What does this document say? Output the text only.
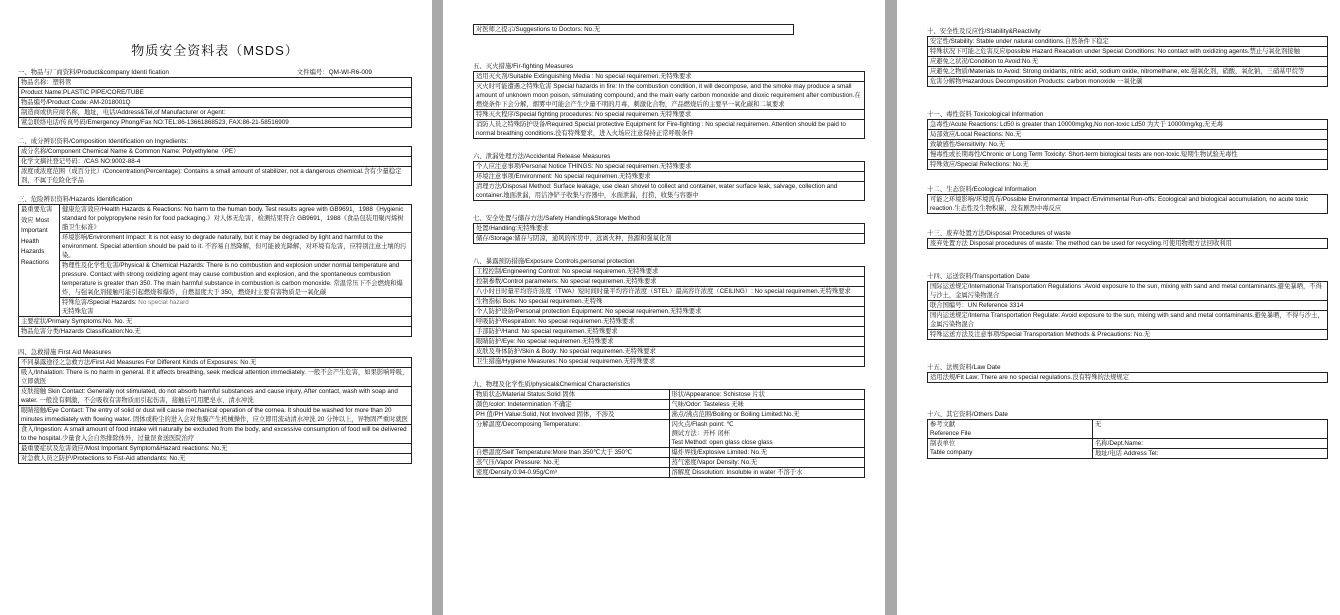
物质安全资料表（MSDS）
一、物品与厂商资料/Product&company Identi fication	文件编号：QM-WI-R6-009
物品名称：塑料管
Product Name:PLASTIC PIPE/CORE/TUBE
物品编号/Product Code: AM-2018001Q
制造商或供应商名称，地址，电话/Address&Tel,of Manufacturer or Agent:
紧急联络电话/传真号码/Emergency Phong/Fax NO:TEL:86-13661868523, FAX:86-21-58516909
二、成分辨识资料/Composition Identification on Ingredients:
成分名称/Component Chemical Name & Common Name: Polyethylene（PE）
化学文摘社登记号码：/CAS NO:9002-88-4
浓度或浓度范围（成百分比）/Concentration(Percentage): Contains a small amount of stabilizer, not a dangerous chemical.含有少量稳定剂，不属于危险化学品
三、危险辨识资料/Hazards Identification
最重要危害效应 Most Important Health Hazards Reactions	健康危害效应/Health Hazards & Reactions: No harm to the human body. Test results agree with GB9691，1988《Hygienic standard for polypropylene resin for food packaging.》对人体无危害，检测结果符合 GB9691，1988《食品包装用聚丙烯树脂卫生标准》
环境影响/Environment Impact: It is not easy to degrade naturally, but it may be degraded by light and harmful to the environment. Special attention should be paid to it. 不容易自然降解，但可能被光降解，对环境有危害，应特别注意土壤的污染。
物理性及化学性危害/Physical & Chemical Hazards: There is no combustion and explosion under normal temperature and pressure. Contact with strong oxidizing agent may cause combustion and explosion, and the spontaneous combustion temperature is greater than 350. The main harmful substance in combustion is carbon monoxide. 常温常压下不会燃烧和爆炸，与强氧化剂接触可能引起燃烧和爆炸，自燃温度大于 350，燃烧时主要有害物质是一氧化碳
特殊危害/Special Hazards: No special hazard
无特殊危害
主要症状/Primary Symptoms:No. No. 无
物品危害分类/Hazards Classification:No.无
四、急救措施 First Aid Measures
不同暴露途径之急救方法/First Aid Measures For Different Kinds of Exposures: No.无
吸入/Inhalation: There is no harm in general. If it affects breathing, seek medical attention immediately. 一般不会产生危害，如果影响呼吸，立即就医
皮肤接触 Skin Contact: Generally not stimulated, do not absorb harmful substances and cause injury, After contact, wash with soap and water. 一般没有刺激，不会吸收有害物质而引起伤害，接触后可用肥皂水、清水冲洗
眼睛接触/Eye Contact: The entry of solid or dust will cause mechanical operation of the cornea. It should be washed for more than 20 minutes immediately with flowing water. 固体或粉尘的进入会对角膜产生机械操作，应立即用流动清水冲洗 20 分钟以上，异物固严重时就医
食入/Ingestion: A small amount of food intake will naturally be excluded from the body, and excessive consumption of food will be delivered to the hospital.少量食入会自然排除体外，过量误食送医院治疗
最重要症状及危害效应/Most Important Symptom&Hazard reactions: No.无
对急救人员之防护/Protections to Fist-Aid attendants: No.无
对医师之提示/Suggestions to Doctors: No.无
五、灭火措施/Fir-fighting Measures
适用灭火剂/Suitable Extinguishing Media : No special requiremen.无特殊要求
灭火时可能遭遇之特殊危害 Special hazards in fire: In the combustion condition, it will decompose, and the smoke may produce a small amount of unknown moon poison, stimulating compound, and the main early carbon monoxide and dioxic requirement after combustion.在燃烧条件下会分解，烟雾中可能会产生少量不明的月毒，刺激化合物，产品燃烧后的主要早一氧化碳和二氧要求
特殊灭火程序/Special fighting procedures: No special requiremen.无特殊要求
消防人员之特殊防护设备/Required Special protective Equipment for Fire-fighting : No special requiremen. Attention should be paid to normal breathing conditions.没有特殊要求，进入火场应注意保持正常呼吸条件
六、泄漏处理方法/Accidental Release Measures
个人应注意事项/Personal Notice THINGS: No special requiremen.无特殊要求
环境注意事项/Environment: No special requiremen.无特殊要求
清理方法/Disposal Method: Surface leakage, use clean shovel to collect and container, water surface leak, salvage, collection and container.地面泄漏，用洁净铲子收集与容器中，水面泄漏，打捞，收集与容器中
七、安全处置与储存方法/Safety Handling&Storage Method
处置/Handling:无特殊要求
储存/Storage:储存与阴凉，通风的库房中，远离火种，热源和强氧化剂
八、暴露预防措施/Exposure Controls,personal protection
工程控制/Engineering Control: No special requiremen.无特殊要求
控制参数/Control parameters: No special requiremen.无特殊要求
八小时日时量平均容许浓度（TWA）短时间时量平均容许浓度（STEL）最高容许浓度（CEILING）: No special requiremen.无特殊要求
生物指标 Bois: No special requiremen.无特殊
个人防护设备/Personal protection Equipment: No special requiremen.无特殊要求
呼吸防护/Respiration: No special requiremen.无特殊要求
手部防护/Hand: No special requiremen.无特殊要求
眼睛防护/Eye: No special requiremen.无特殊要求
皮肤及身体防护/Skin & Body: No special requiremen.无特殊要求
卫生措施/Hygiene Measures: No special requiremen.无特殊要求
九、物理及化学性质/physical&Chemical Characteristics
物质状态/Material Status:Solid 固体	形状/Appearance: Schistose 片状
颜色/color: Indetermination 不确定	气味/Odor: Tasteless 无味
PH 值/PH Value:Solid, Not Involved 固体，不涉及	沸点/沸点范围/Boiling or Boiling Limited:No.无
分解温度/Decomposing Temperature:	闪火点/Flash point: ℃
测试方法：开杯 闭杯
Test Method: open glass close glass
自燃温度/Self Temperature:More than 350℃大于 350℃	爆炸界线/Explosive Limited: No.无
蒸气压/Vapor Pressure: No.无	蒸气密度/Vapor Density: No.无
密度/Density:0.94-0.95g/Cm³	溶解度 Dissolution: Insoluble in water 不溶于水
十、安全性及反应性/Stability&Reactivity
安定性/Stability: Stable under natural conditions.自然条件下稳定
特殊状况下可能之危害反应/possible Hazard Reacation under Special Conditions: No contact with oxidizing agents.禁止与氧化剂接触
应避免之状况/Condition to Avoid:No.无
应避免之物质/Materials to Avoid: Strong oxidants, nitric acid, sodium oxide, nitromethane, etc.强氧化剂，硝酸，氧化钠，三硝基甲烷等
危害分解物/Hazardous Decomposition Products: carbon monoxide 一氧化碳
十一、毒性资料 Toxicological Information
急毒性/Acute Reactions: Ld50 is greater than 10000mg/kg,No non-toxic Ld50 为大于 10000mg/kg,无无毒
局部效应/Local Reactions: No.无
致敏感性/Sensitivity: No.无
慢毒性或长期毒性/Chronic or Long Term Toxicity: Short-term biological tests are non-toxic.短期生物试验无毒性
特殊效应/Special Refections: No.无
十二、生态资料/Ecological Information
可能之环境影响/环境流布/Possible Environmental Impact /Envimmental Run-offs: Ecological and biological accumulation, no acute toxic reaction.生态性及生物积累，没有剧烈中毒反应
十三、废弃处置方法/Disposal Procedures of waste
废弃处置方法 Disposal procedures of waste: The method can be used for recycling.可使用物理方法回收利用
十四、运送资料/Transportation Date
国际运送规定/International Transportation Regulations :Avoid exposure to the sun, mixing with sand and metal contaminants.避免暴晒，不得与沙土，金属污染物混合
联合国编号：UN Reference 3314
国内运送规定/Interna Transportation Regulate: Avoid exposure to the sun, mixing with sand and metal contaminants.避免暴晒，不得与沙土，金属污染物混合
特殊运送方法及注意事项/Special Transportation Methods & Precautions: No.无
十五、法规资料/Law Date
适用法规/Fit Law: There are no special regulations.没有特殊的法规规定
十六、其它资料/Others Date
参考文献
Reference File	无
制表单位
Table company	名称/Dept.Name:
	地址/电话 Address Tel:
